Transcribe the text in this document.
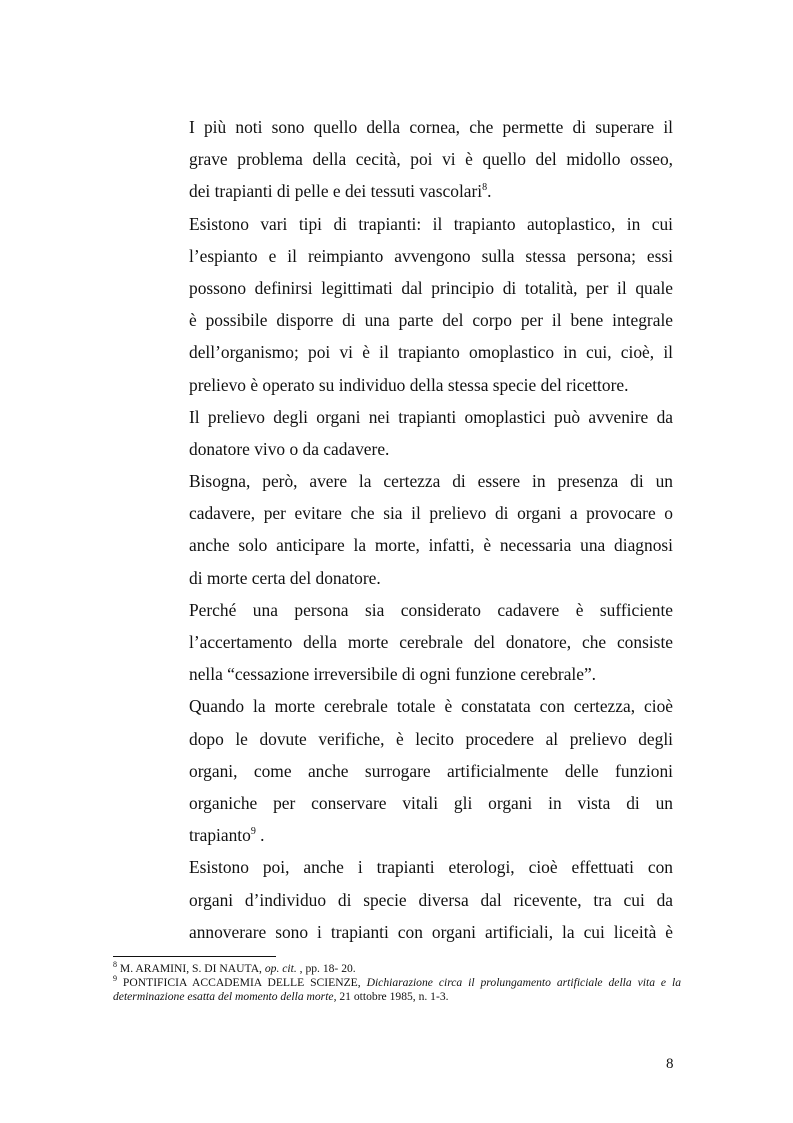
I più noti sono quello della cornea, che permette di superare il
grave problema della cecità, poi vi è quello del midollo osseo,
dei trapianti di pelle e dei tessuti vascolari$^8$.
Esistono vari tipi di trapianti: il trapianto autoplastico, in cui
l’espianto e il reimpianto avvengono sulla stessa persona; essi
possono definirsi legittimati dal principio di totalità, per il quale
è possibile disporre di una parte del corpo per il bene integrale
dell’organismo; poi vi è il trapianto omoplastico in cui, cioè, il
prelievo è operato su individuo della stessa specie del ricettore.
Il prelievo degli organi nei trapianti omoplastici può avvenire da
donatore vivo o da cadavere.
Bisogna, però, avere la certezza di essere in presenza di un
cadavere, per evitare che sia il prelievo di organi a provocare o
anche solo anticipare la morte, infatti, è necessaria una diagnosi
di morte certa del donatore.
Perché una persona sia considerato cadavere è sufficiente
l’accertamento della morte cerebrale del donatore, che consiste
nella “cessazione irreversibile di ogni funzione cerebrale”.
Quando la morte cerebrale totale è constatata con certezza, cioè
dopo le dovute verifiche, è lecito procedere al prelievo degli
organi, come anche surrogare artificialmente delle funzioni
organiche per conservare vitali gli organi in vista di un
trapianto$^9$ .
Esistono poi, anche i trapianti eterologi, cioè effettuati con
organi d’individuo di specie diversa dal ricevente, tra cui da
annoverare sono i trapianti con organi artificiali, la cui liceità è

$^8$ M. ARAMINI, S. DI NAUTA, op. cit. , pp. 18- 20.

$^9$ PONTIFICIA ACCADEMIA DELLE SCIENZE, Dichiarazione circa il prolungamento artificiale della vita e la determinazione esatta del momento della morte, 21 ottobre 1985, n. 1-3.

8
